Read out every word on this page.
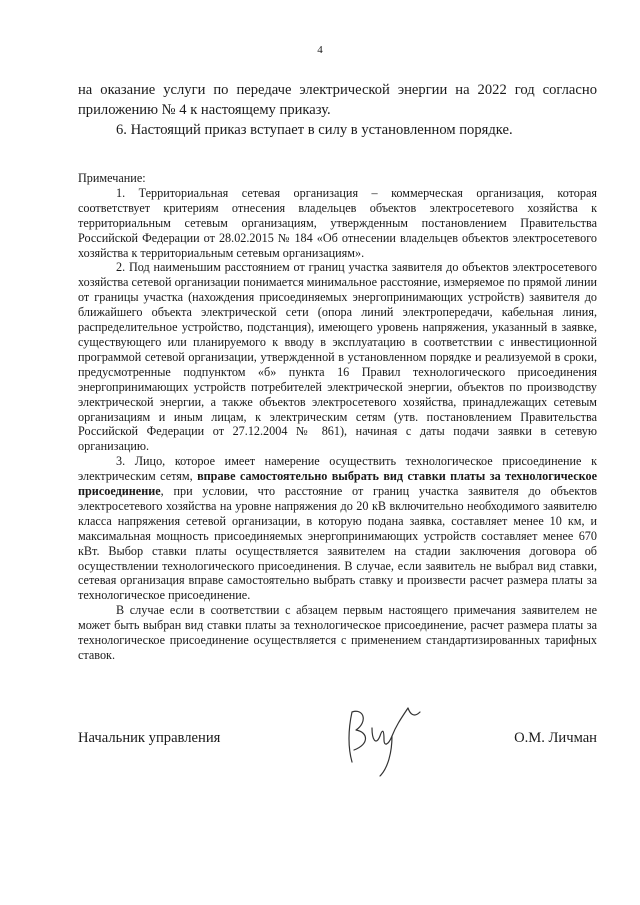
4

на оказание услуги по передаче электрической энергии на 2022 год согласно приложению № 4 к настоящему приказу.

6. Настоящий приказ вступает в силу в установленном порядке.

Примечание:

1. Территориальная сетевая организация – коммерческая организация, которая соответствует критериям отнесения владельцев объектов электросетевого хозяйства к территориальным сетевым организациям, утвержденным постановлением Правительства Российской Федерации от 28.02.2015 № 184 «Об отнесении владельцев объектов электросетевого хозяйства к территориальным сетевым организациям».

2. Под наименьшим расстоянием от границ участка заявителя до объектов электросетевого хозяйства сетевой организации понимается минимальное расстояние, измеряемое по прямой линии от границы участка (нахождения присоединяемых энергопринимающих устройств) заявителя до ближайшего объекта электрической сети (опора линий электропередачи, кабельная линия, распределительное устройство, подстанция), имеющего уровень напряжения, указанный в заявке, существующего или планируемого к вводу в эксплуатацию в соответствии с инвестиционной программой сетевой организации, утвержденной в установленном порядке и реализуемой в сроки, предусмотренные подпунктом «б» пункта 16 Правил технологического присоединения энергопринимающих устройств потребителей электрической энергии, объектов по производству электрической энергии, а также объектов электросетевого хозяйства, принадлежащих сетевым организациям и иным лицам, к электрическим сетям (утв. постановлением Правительства Российской Федерации от 27.12.2004 № 861), начиная с даты подачи заявки в сетевую организацию.

3. Лицо, которое имеет намерение осуществить технологическое присоединение к электрическим сетям, вправе самостоятельно выбрать вид ставки платы за технологическое присоединение, при условии, что расстояние от границ участка заявителя до объектов электросетевого хозяйства на уровне напряжения до 20 кВ включительно необходимого заявителю класса напряжения сетевой организации, в которую подана заявка, составляет менее 10 км, и максимальная мощность присоединяемых энергопринимающих устройств составляет менее 670 кВт. Выбор ставки платы осуществляется заявителем на стадии заключения договора об осуществлении технологического присоединения. В случае, если заявитель не выбрал вид ставки, сетевая организация вправе самостоятельно выбрать ставку и произвести расчет размера платы за технологическое присоединение.

В случае если в соответствии с абзацем первым настоящего примечания заявителем не может быть выбран вид ставки платы за технологическое присоединение, расчет размера платы за технологическое присоединение осуществляется с применением стандартизированных тарифных ставок.

Начальник управления	О.М. Личман
